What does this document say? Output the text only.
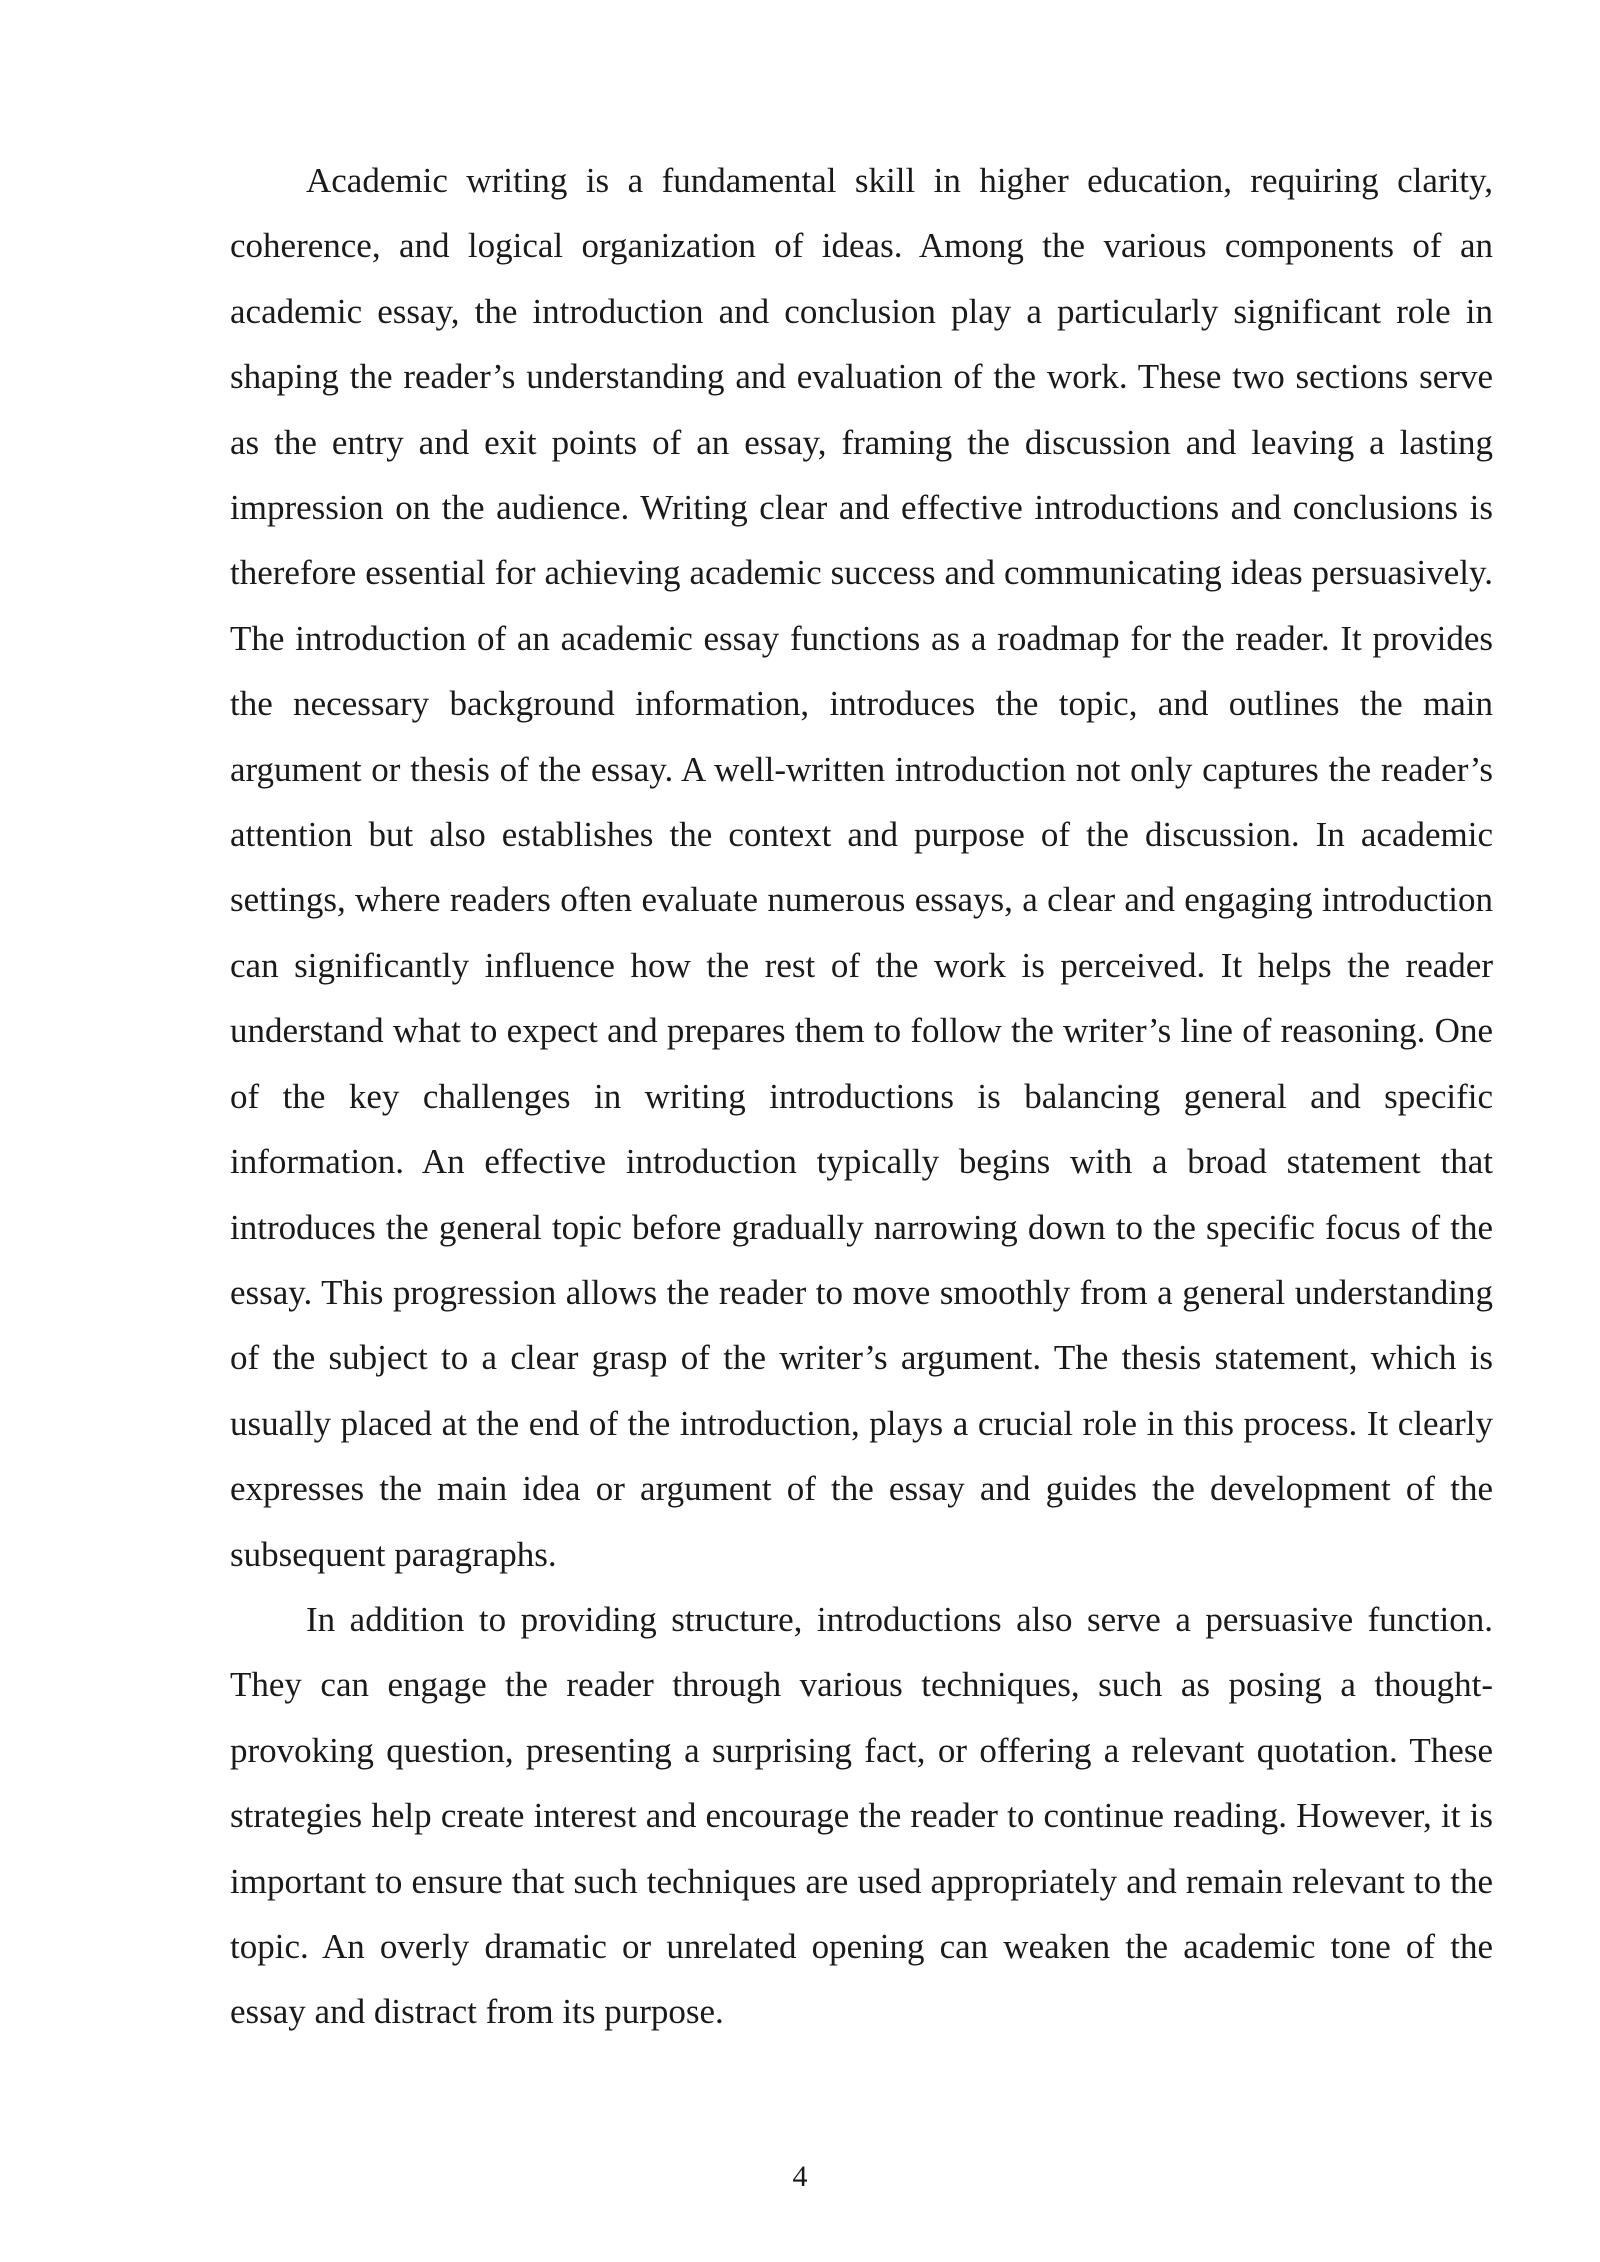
Academic writing is a fundamental skill in higher education, requiring clarity, coherence, and logical organization of ideas. Among the various components of an academic essay, the introduction and conclusion play a particularly significant role in shaping the reader’s understanding and evaluation of the work. These two sections serve as the entry and exit points of an essay, framing the discussion and leaving a lasting impression on the audience. Writing clear and effective introductions and conclusions is therefore essential for achieving academic success and communicating ideas persuasively. The introduction of an academic essay functions as a roadmap for the reader. It provides the necessary background information, introduces the topic, and outlines the main argument or thesis of the essay. A well-written introduction not only captures the reader’s attention but also establishes the context and purpose of the discussion. In academic settings, where readers often evaluate numerous essays, a clear and engaging introduction can significantly influence how the rest of the work is perceived. It helps the reader understand what to expect and prepares them to follow the writer’s line of reasoning. One of the key challenges in writing introductions is balancing general and specific information. An effective introduction typically begins with a broad statement that introduces the general topic before gradually narrowing down to the specific focus of the essay. This progression allows the reader to move smoothly from a general understanding of the subject to a clear grasp of the writer’s argument. The thesis statement, which is usually placed at the end of the introduction, plays a crucial role in this process. It clearly expresses the main idea or argument of the essay and guides the development of the subsequent paragraphs.

In addition to providing structure, introductions also serve a persuasive function. They can engage the reader through various techniques, such as posing a thought-provoking question, presenting a surprising fact, or offering a relevant quotation. These strategies help create interest and encourage the reader to continue reading. However, it is important to ensure that such techniques are used appropriately and remain relevant to the topic. An overly dramatic or unrelated opening can weaken the academic tone of the essay and distract from its purpose.

4
